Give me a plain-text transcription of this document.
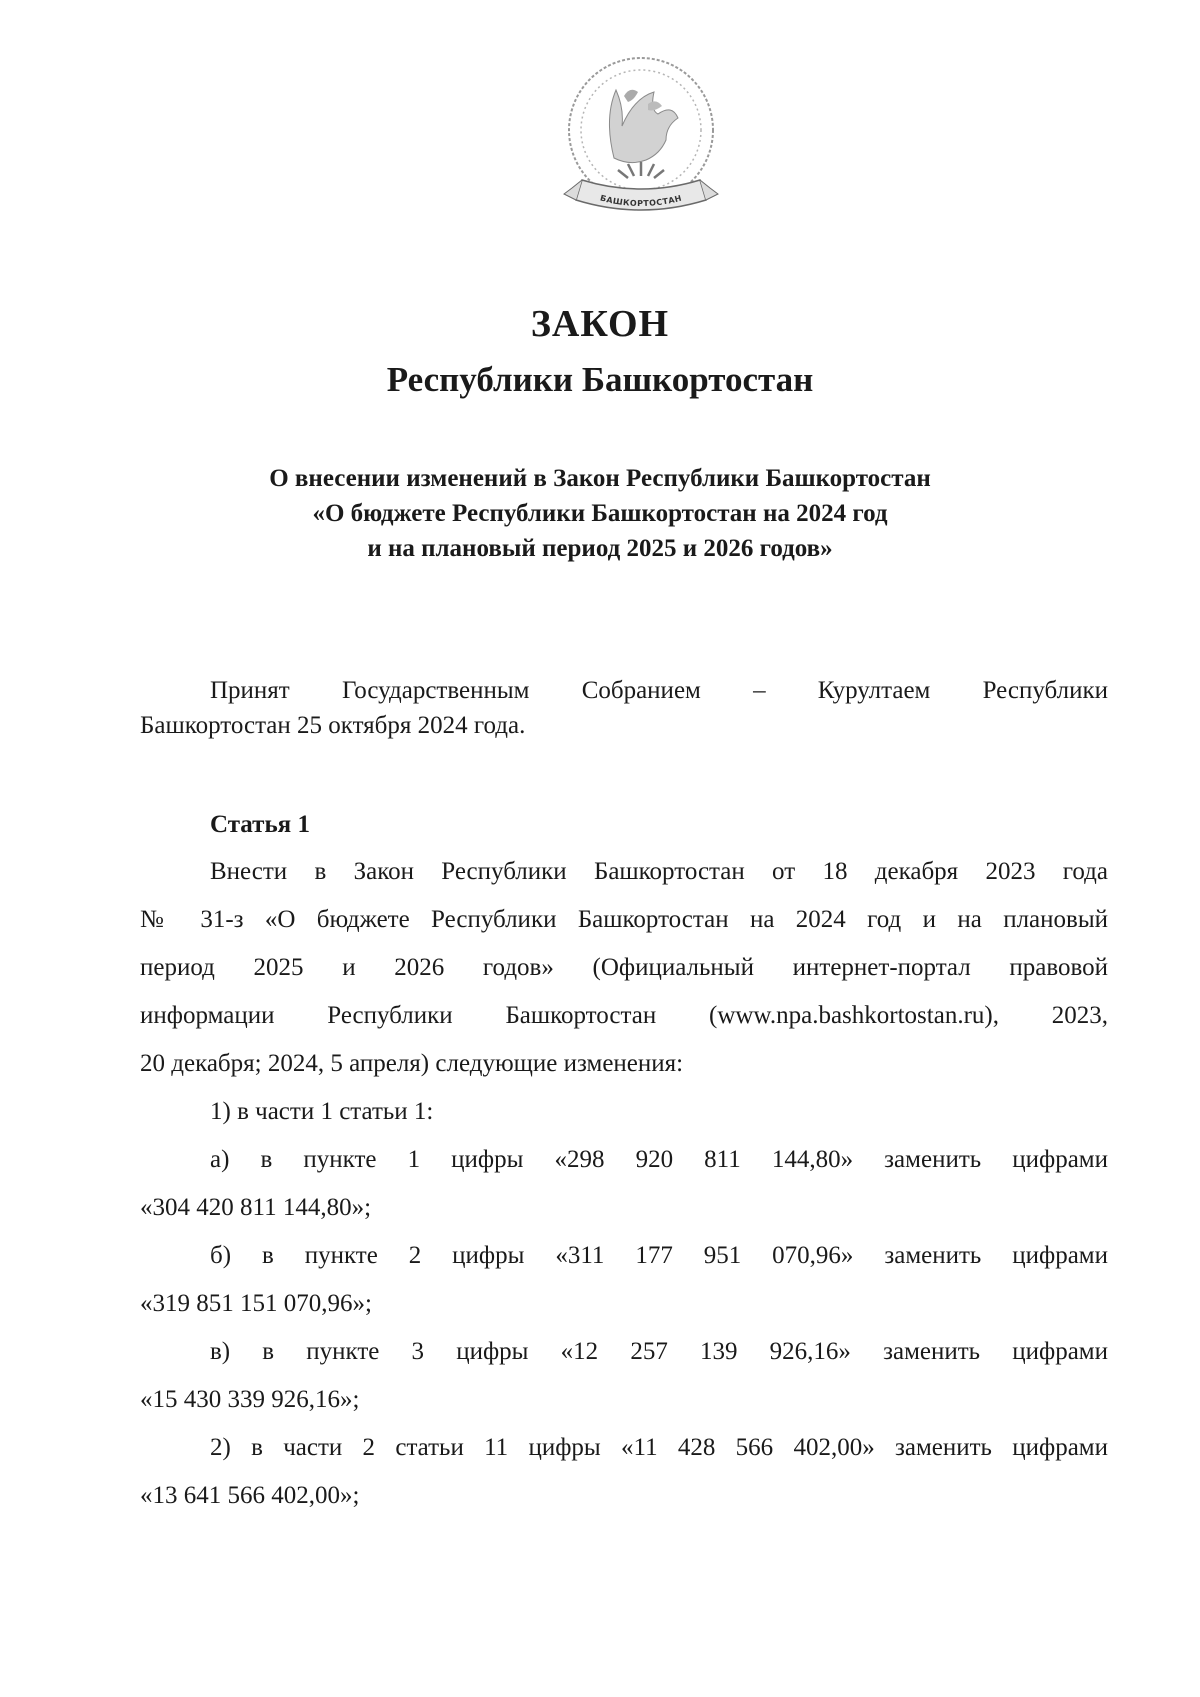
БАШКОРТОСТАН
ЗАКОН
Республики Башкортостан
О внесении изменений в Закон Республики Башкортостан
«О бюджете Республики Башкортостан на 2024 год
и на плановый период 2025 и 2026 годов»
Принят Государственным Собранием – Курултаем Республики
Башкортостан 25 октября 2024 года.
Статья 1
Внести в Закон Республики Башкортостан от 18 декабря 2023 года
№ 31-з «О бюджете Республики Башкортостан на 2024 год и на плановый
период 2025 и 2026 годов» (Официальный интернет-портал правовой
информации Республики Башкортостан (www.npa.bashkortostan.ru), 2023,
20 декабря; 2024, 5 апреля) следующие изменения:
1) в части 1 статьи 1:
а) в пункте 1 цифры «298 920 811 144,80» заменить цифрами
«304 420 811 144,80»;
б) в пункте 2 цифры «311 177 951 070,96» заменить цифрами
«319 851 151 070,96»;
в) в пункте 3 цифры «12 257 139 926,16» заменить цифрами
«15 430 339 926,16»;
2) в части 2 статьи 11 цифры «11 428 566 402,00» заменить цифрами
«13 641 566 402,00»;
